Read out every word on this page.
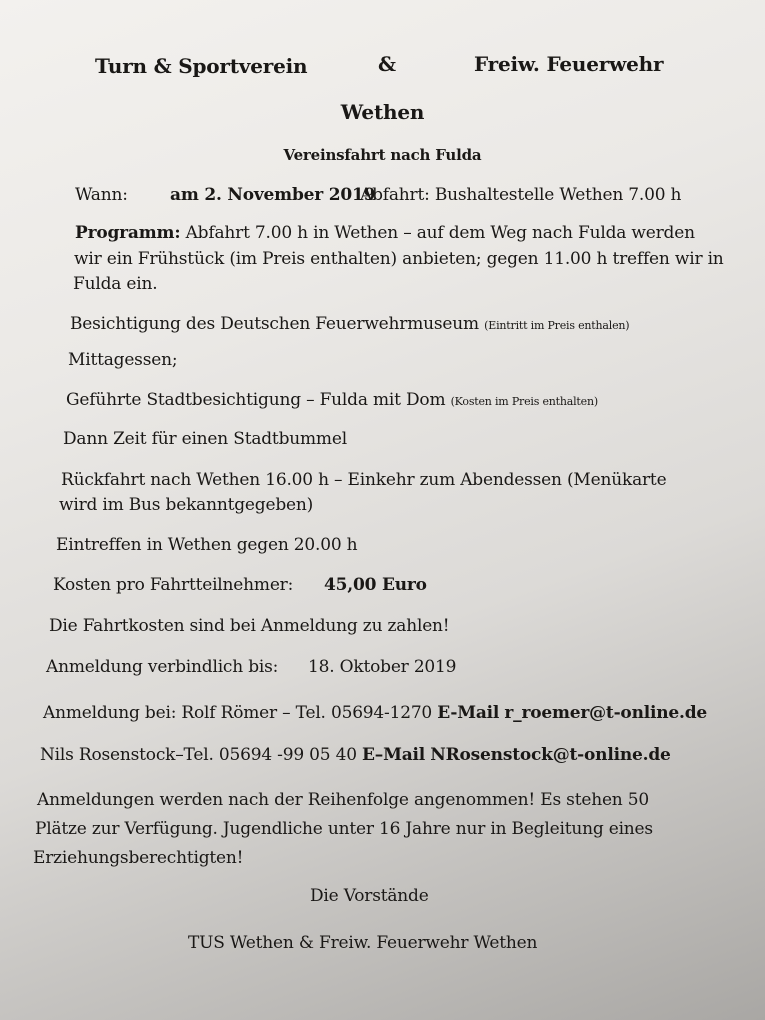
Turn & Sportverein	&	Freiw. Feuerwehr
Wethen
Vereinsfahrt nach Fulda
Wann: am 2. November 2019
Abfahrt: Bushaltestelle Wethen 7.00 h
Programm: Abfahrt 7.00 h in Wethen – auf dem Weg nach Fulda werden
wir ein Frühstück (im Preis enthalten) anbieten; gegen 11.00 h treffen wir in
Fulda ein.
Besichtigung des Deutschen Feuerwehrmuseum (Eintritt im Preis enthalen)
Mittagessen;
Geführte Stadtbesichtigung – Fulda mit Dom (Kosten im Preis enthalten)
Dann Zeit für einen Stadtbummel
Rückfahrt nach Wethen 16.00 h – Einkehr zum Abendessen (Menükarte
wird im Bus bekanntgegeben)
Eintreffen in Wethen gegen 20.00 h
Kosten pro Fahrtteilnehmer: 45,00 Euro
Die Fahrtkosten sind bei Anmeldung zu zahlen!
Anmeldung verbindlich bis: 18. Oktober 2019
Anmeldung bei: Rolf Römer – Tel. 05694-1270 E-Mail r_roemer@t-online.de
Nils Rosenstock–Tel. 05694 -99 05 40 E–Mail NRosenstock@t-online.de
Anmeldungen werden nach der Reihenfolge angenommen! Es stehen 50
Plätze zur Verfügung. Jugendliche unter 16 Jahre nur in Begleitung eines
Erziehungsberechtigten!
Die Vorstände
TUS Wethen & Freiw. Feuerwehr Wethen
